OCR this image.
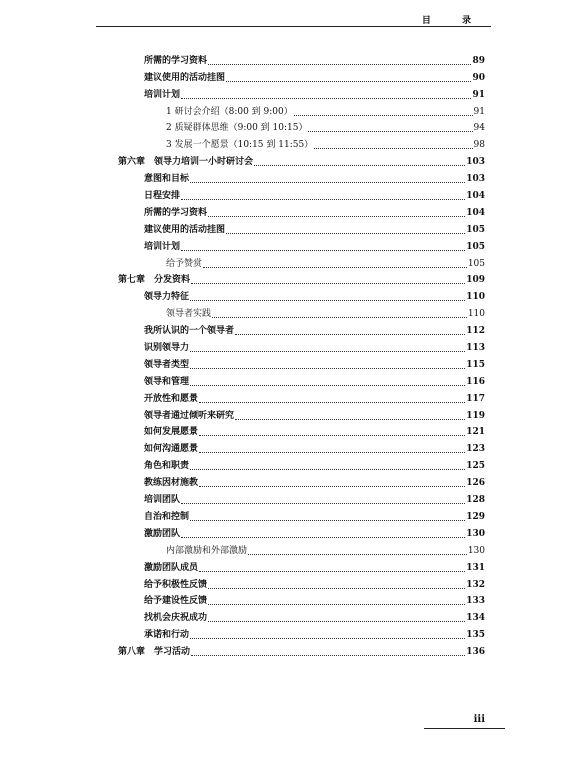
目 录
所需的学习资料	89
建议使用的活动挂图	90
培训计划	91
1 研讨会介绍（8:00 到 9:00）	91
2 质疑群体思维（9:00 到 10:15）	94
3 发展一个愿景（10:15 到 11:55）	98
第六章　领导力培训一小时研讨会	103
意图和目标	103
日程安排	104
所需的学习资料	104
建议使用的活动挂图	105
培训计划	105
给予赞赏	105
第七章　分发资料	109
领导力特征	110
领导者实践	110
我所认识的一个领导者	112
识别领导力	113
领导者类型	115
领导和管理	116
开放性和愿景	117
领导者通过倾听来研究	119
如何发展愿景	121
如何沟通愿景	123
角色和职责	125
教练因材施教	126
培训团队	128
自治和控制	129
激励团队	130
内部激励和外部激励	130
激励团队成员	131
给予积极性反馈	132
给予建设性反馈	133
找机会庆祝成功	134
承诺和行动	135
第八章　学习活动	136
iii
